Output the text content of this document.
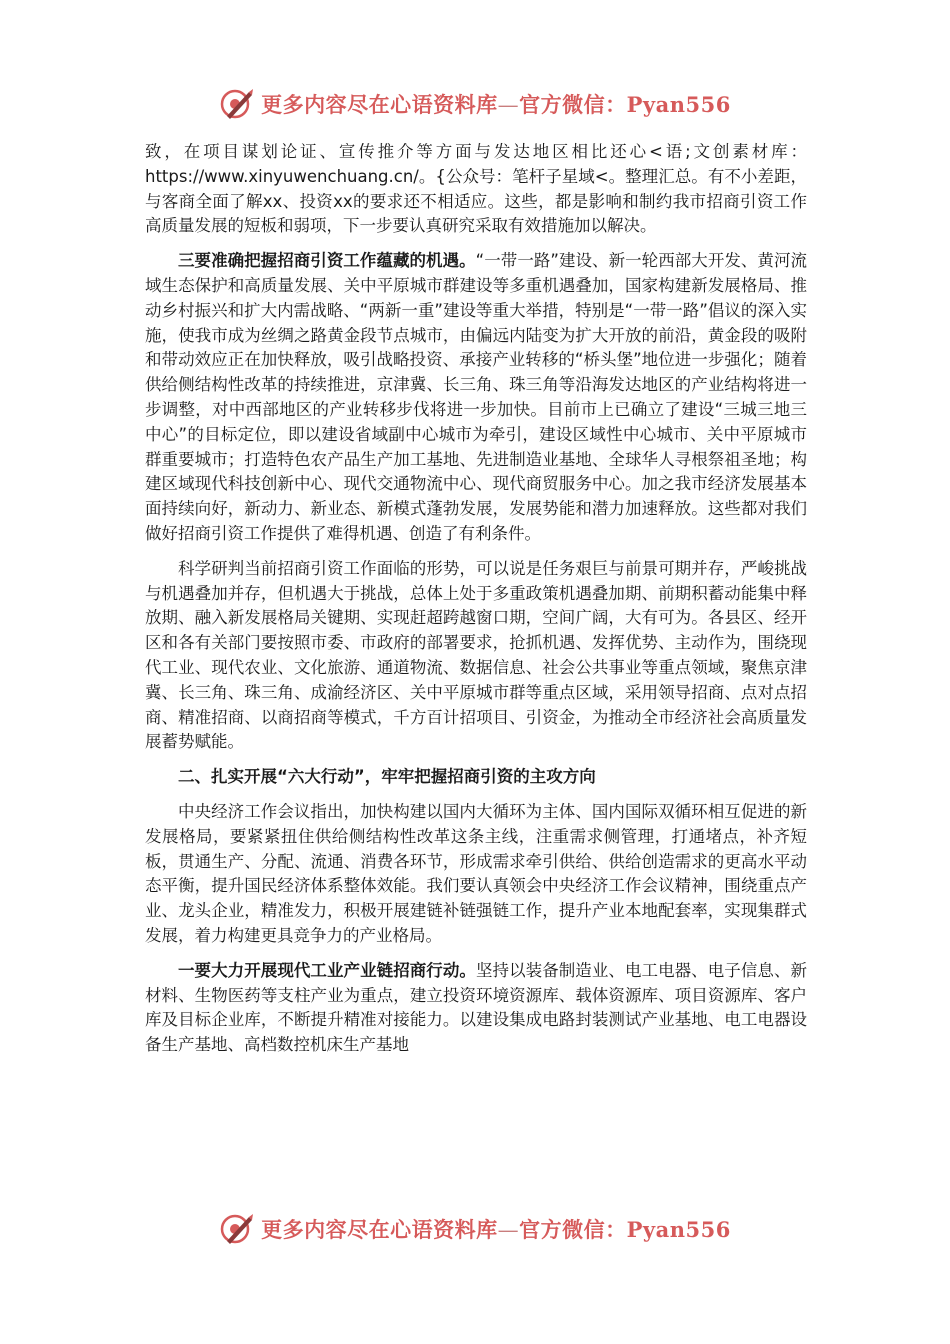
更多内容尽在心语资料库—官方微信：Pyan556

致，在项目谋划论证、宣传推介等方面与发达地区相比还心<语;文创素材库：https://www.xinyuwenchuang.cn/。{公众号：笔杆子星域<。整理汇总。有不小差距，与客商全面了解xx、投资xx的要求还不相适应。这些，都是影响和制约我市招商引资工作高质量发展的短板和弱项，下一步要认真研究采取有效措施加以解决。

三要准确把握招商引资工作蕴藏的机遇。“一带一路”建设、新一轮西部大开发、黄河流域生态保护和高质量发展、关中平原城市群建设等多重机遇叠加，国家构建新发展格局、推动乡村振兴和扩大内需战略、“两新一重”建设等重大举措，特别是“一带一路”倡议的深入实施，使我市成为丝绸之路黄金段节点城市，由偏远内陆变为扩大开放的前沿，黄金段的吸附和带动效应正在加快释放，吸引战略投资、承接产业转移的“桥头堡”地位进一步强化；随着供给侧结构性改革的持续推进，京津冀、长三角、珠三角等沿海发达地区的产业结构将进一步调整，对中西部地区的产业转移步伐将进一步加快。目前市上已确立了建设“三城三地三中心”的目标定位，即以建设省域副中心城市为牵引，建设区域性中心城市、关中平原城市群重要城市；打造特色农产品生产加工基地、先进制造业基地、全球华人寻根祭祖圣地；构建区域现代科技创新中心、现代交通物流中心、现代商贸服务中心。加之我市经济发展基本面持续向好，新动力、新业态、新模式蓬勃发展，发展势能和潜力加速释放。这些都对我们做好招商引资工作提供了难得机遇、创造了有利条件。

科学研判当前招商引资工作面临的形势，可以说是任务艰巨与前景可期并存，严峻挑战与机遇叠加并存，但机遇大于挑战，总体上处于多重政策机遇叠加期、前期积蓄动能集中释放期、融入新发展格局关键期、实现赶超跨越窗口期，空间广阔，大有可为。各县区、经开区和各有关部门要按照市委、市政府的部署要求，抢抓机遇、发挥优势、主动作为，围绕现代工业、现代农业、文化旅游、通道物流、数据信息、社会公共事业等重点领域，聚焦京津冀、长三角、珠三角、成渝经济区、关中平原城市群等重点区域，采用领导招商、点对点招商、精准招商、以商招商等模式，千方百计招项目、引资金，为推动全市经济社会高质量发展蓄势赋能。

二、扎实开展“六大行动”，牢牢把握招商引资的主攻方向

中央经济工作会议指出，加快构建以国内大循环为主体、国内国际双循环相互促进的新发展格局，要紧紧扭住供给侧结构性改革这条主线，注重需求侧管理，打通堵点，补齐短板，贯通生产、分配、流通、消费各环节，形成需求牵引供给、供给创造需求的更高水平动态平衡，提升国民经济体系整体效能。我们要认真领会中央经济工作会议精神，围绕重点产业、龙头企业，精准发力，积极开展建链补链强链工作，提升产业本地配套率，实现集群式发展，着力构建更具竞争力的产业格局。

一要大力开展现代工业产业链招商行动。坚持以装备制造业、电工电器、电子信息、新材料、生物医药等支柱产业为重点，建立投资环境资源库、载体资源库、项目资源库、客户库及目标企业库，不断提升精准对接能力。以建设集成电路封装测试产业基地、电工电器设备生产基地、高档数控机床生产基地

更多内容尽在心语资料库—官方微信：Pyan556
